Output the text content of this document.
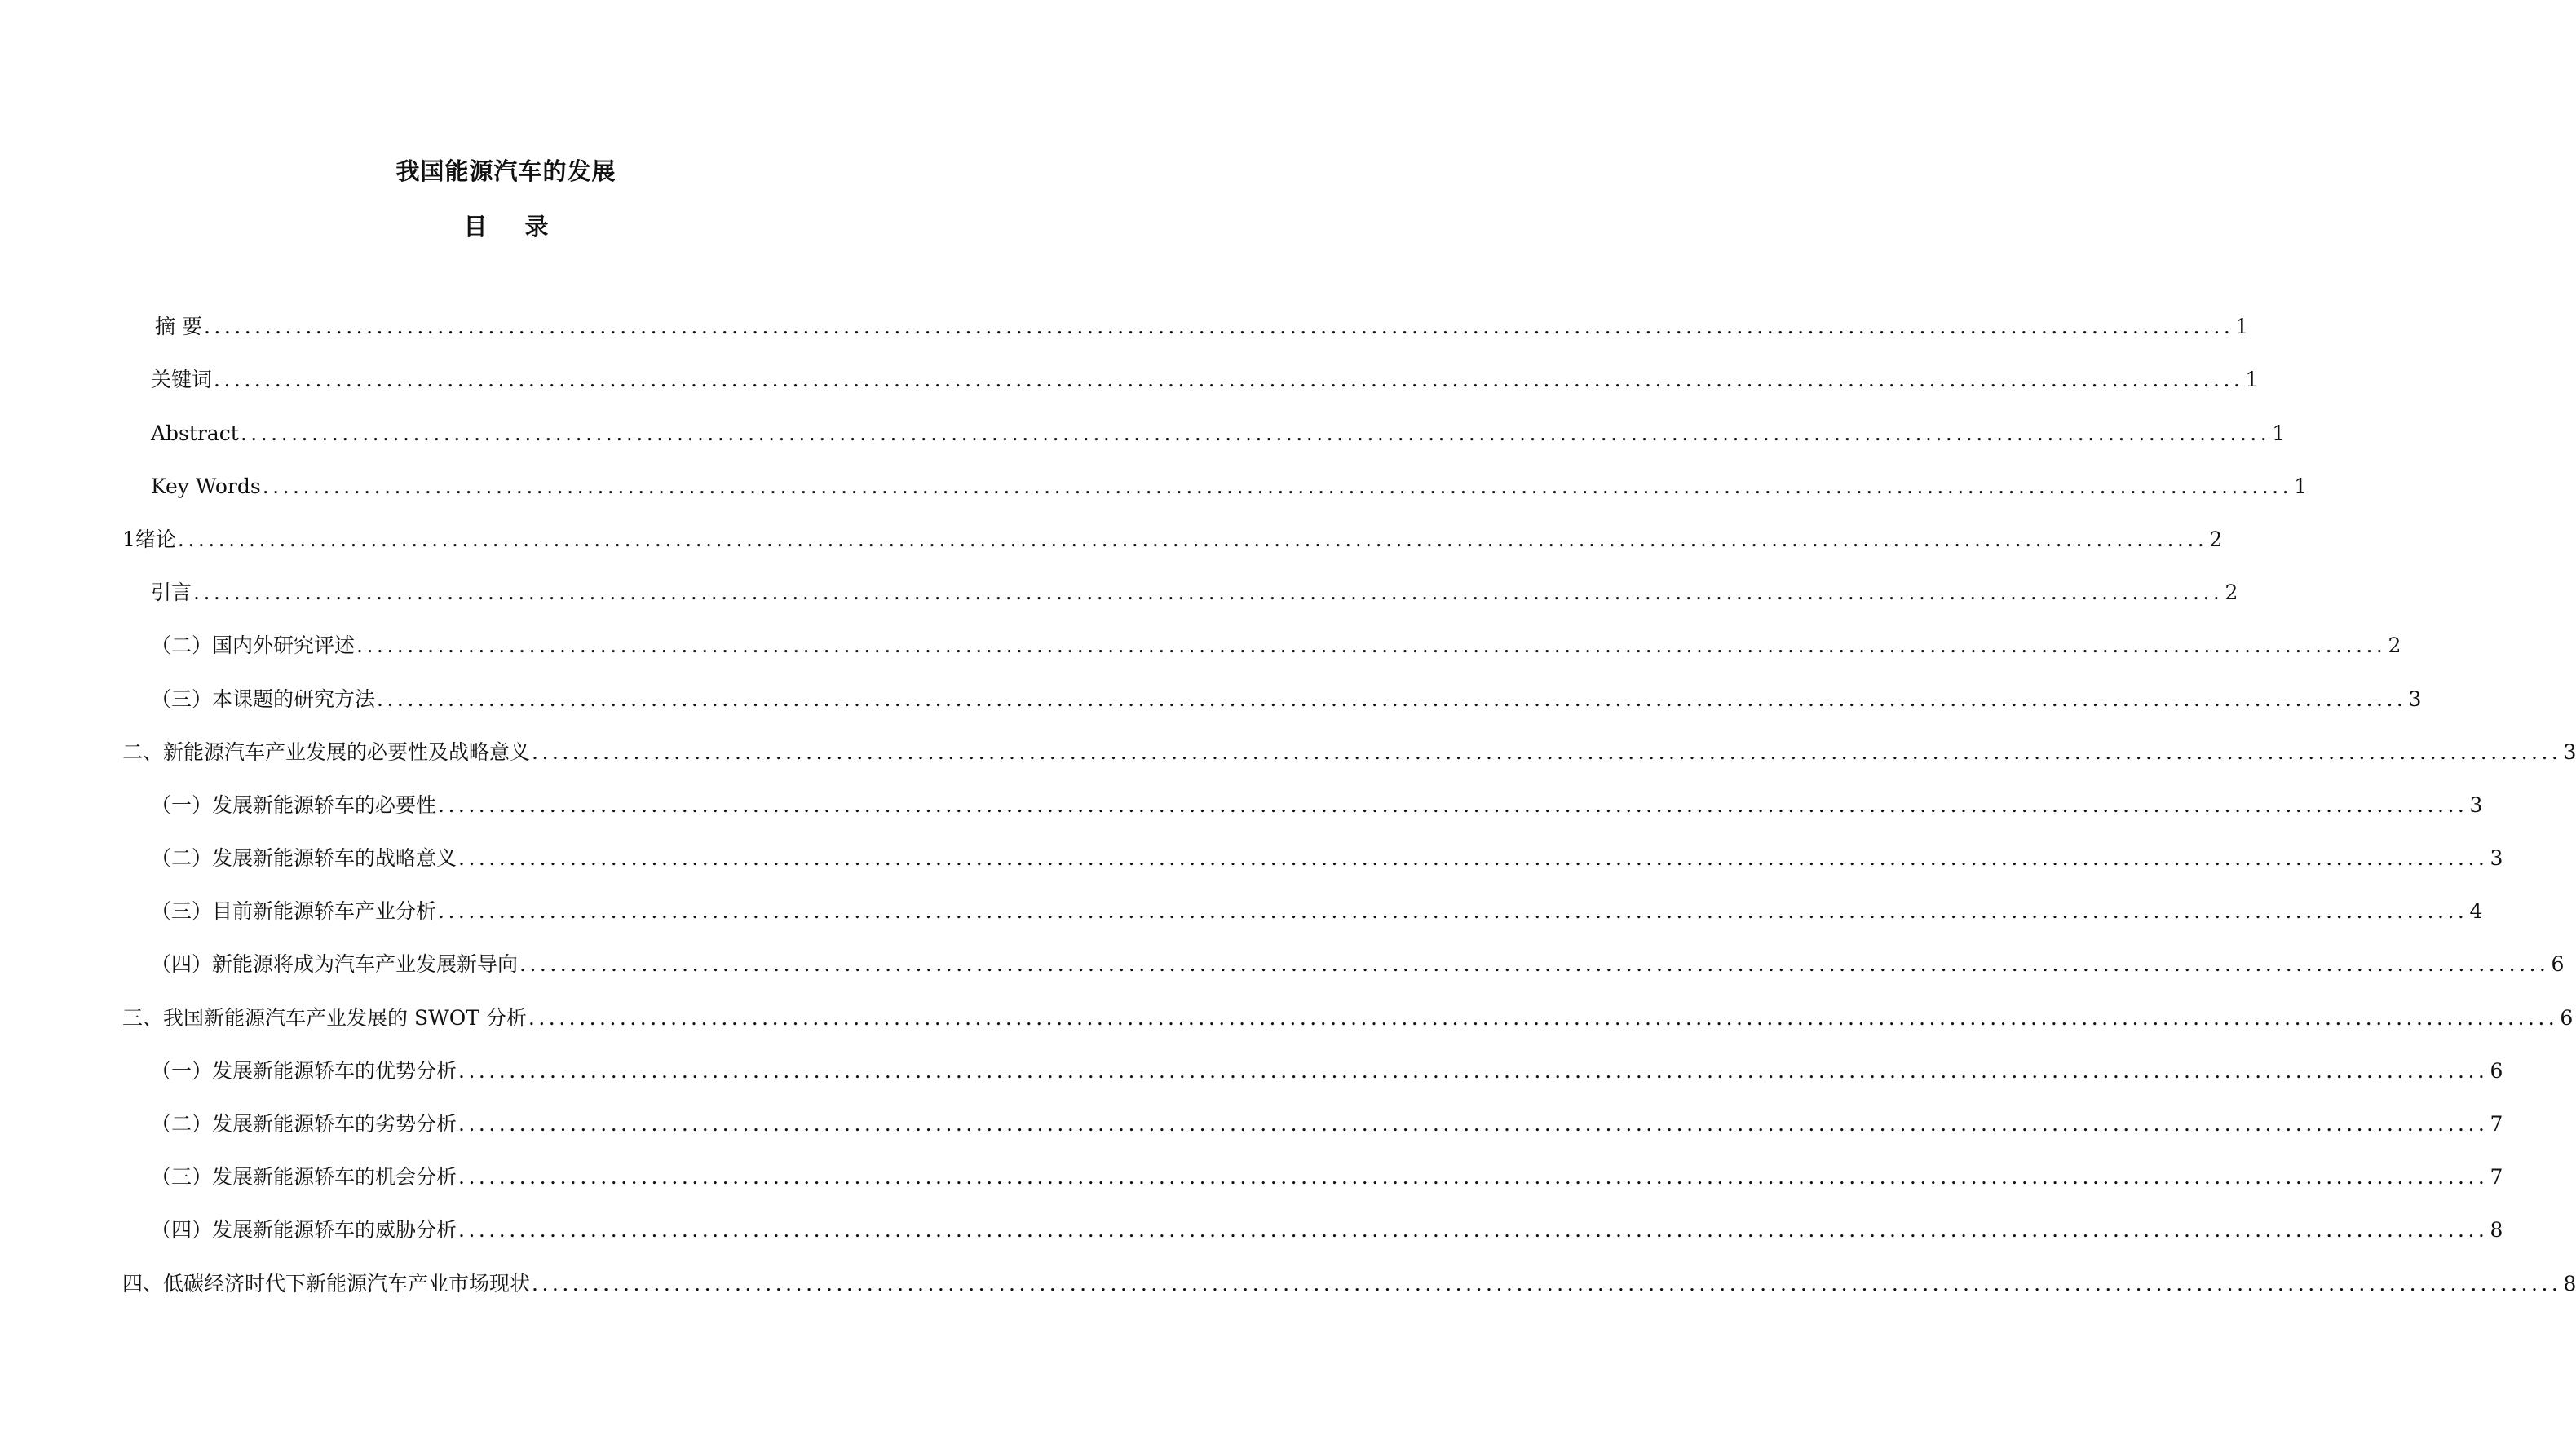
我国能源汽车的发展
目 录
摘 要 ........................................................................................................................................................................................................ 1
关键词 ........................................................................................................................................................................................................ 1
Abstract ........................................................................................................................................................................................................ 1
Key Words ........................................................................................................................................................................................................ 1
1 绪论 ........................................................................................................................................................................................................ 2
引言 ........................................................................................................................................................................................................ 2
（二）国内外研究评述 ........................................................................................................................................................................................................ 2
（三）本课题的研究方法 ........................................................................................................................................................................................................ 3
二、新能源汽车产业发展的必要性及战略意义 ........................................................................................................................................................................................................ 3
（一）发展新能源轿车的必要性 ........................................................................................................................................................................................................ 3
（二）发展新能源轿车的战略意义 ........................................................................................................................................................................................................ 3
（三）目前新能源轿车产业分析 ........................................................................................................................................................................................................ 4
（四）新能源将成为汽车产业发展新导向 ........................................................................................................................................................................................................ 6
三、我国新能源汽车产业发展的 SWOT 分析 ........................................................................................................................................................................................................ 6
（一）发展新能源轿车的优势分析 ........................................................................................................................................................................................................ 6
（二）发展新能源轿车的劣势分析 ........................................................................................................................................................................................................ 7
（三）发展新能源轿车的机会分析 ........................................................................................................................................................................................................ 7
（四）发展新能源轿车的威胁分析 ........................................................................................................................................................................................................ 8
四、低碳经济时代下新能源汽车产业市场现状 ........................................................................................................................................................................................................ 8
